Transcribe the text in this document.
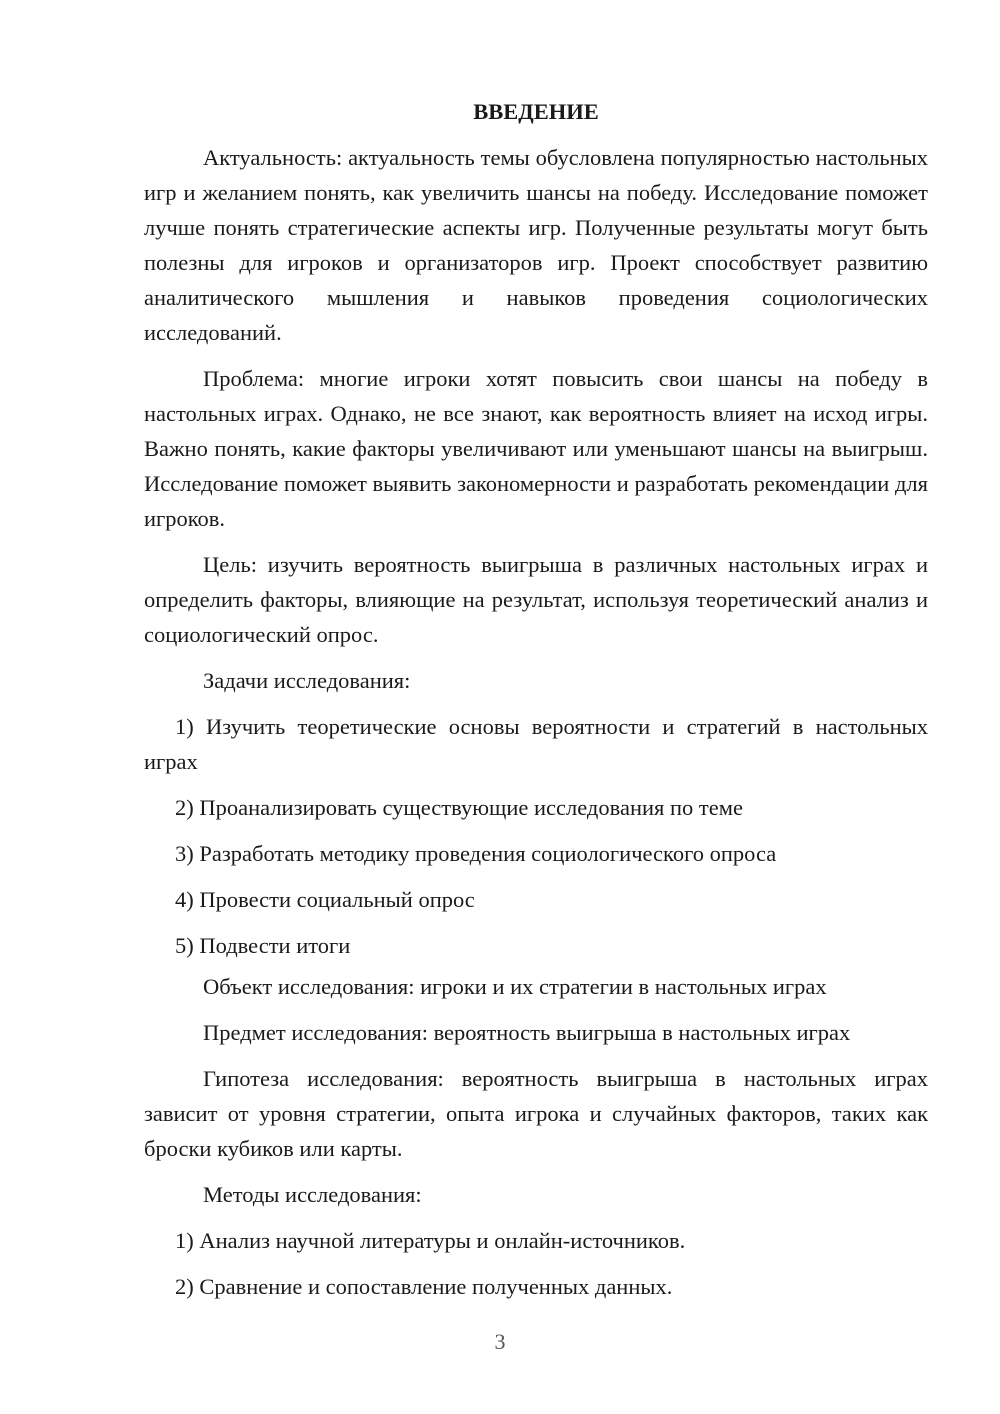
ВВЕДЕНИЕ

Актуальность: актуальность темы обусловлена популярностью настольных игр и желанием понять, как увеличить шансы на победу. Исследование поможет лучше понять стратегические аспекты игр. Полученные результаты могут быть полезны для игроков и организаторов игр. Проект способствует развитию аналитического мышления и навыков проведения социологических исследований.

Проблема: многие игроки хотят повысить свои шансы на победу в настольных играх. Однако, не все знают, как вероятность влияет на исход игры. Важно понять, какие факторы увеличивают или уменьшают шансы на выигрыш. Исследование поможет выявить закономерности и разработать рекомендации для игроков.

Цель: изучить вероятность выигрыша в различных настольных играх и определить факторы, влияющие на результат, используя теоретический анализ и социологический опрос.

Задачи исследования:

1) Изучить теоретические основы вероятности и стратегий в настольных играх

2) Проанализировать существующие исследования по теме

3) Разработать методику проведения социологического опроса

4) Провести социальный опрос

5) Подвести итоги

Объект исследования: игроки и их стратегии в настольных играх

Предмет исследования: вероятность выигрыша в настольных играх

Гипотеза исследования: вероятность выигрыша в настольных играх зависит от уровня стратегии, опыта игрока и случайных факторов, таких как броски кубиков или карты.

Методы исследования:

1) Анализ научной литературы и онлайн-источников.

2) Сравнение и сопоставление полученных данных.

3
